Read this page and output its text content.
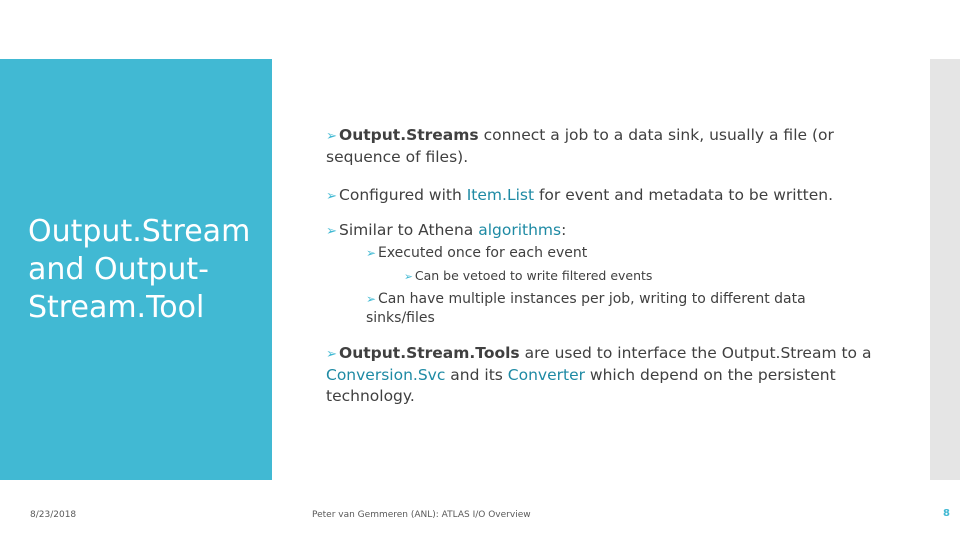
Output.Stream and Output-Stream.Tool
➢ Output.Streams connect a job to a data sink, usually a file (or sequence of files).
➢ Configured with Item.List for event and metadata to be written.
➢ Similar to Athena algorithms:
➢ Executed once for each event
➢ Can be vetoed to write filtered events
➢ Can have multiple instances per job, writing to different data sinks/files
➢ Output.Stream.Tools are used to interface the Output.Stream to a Conversion.Svc and its Converter which depend on the persistent technology.
8/23/2018	Peter van Gemmeren (ANL): ATLAS I/O Overview	8
